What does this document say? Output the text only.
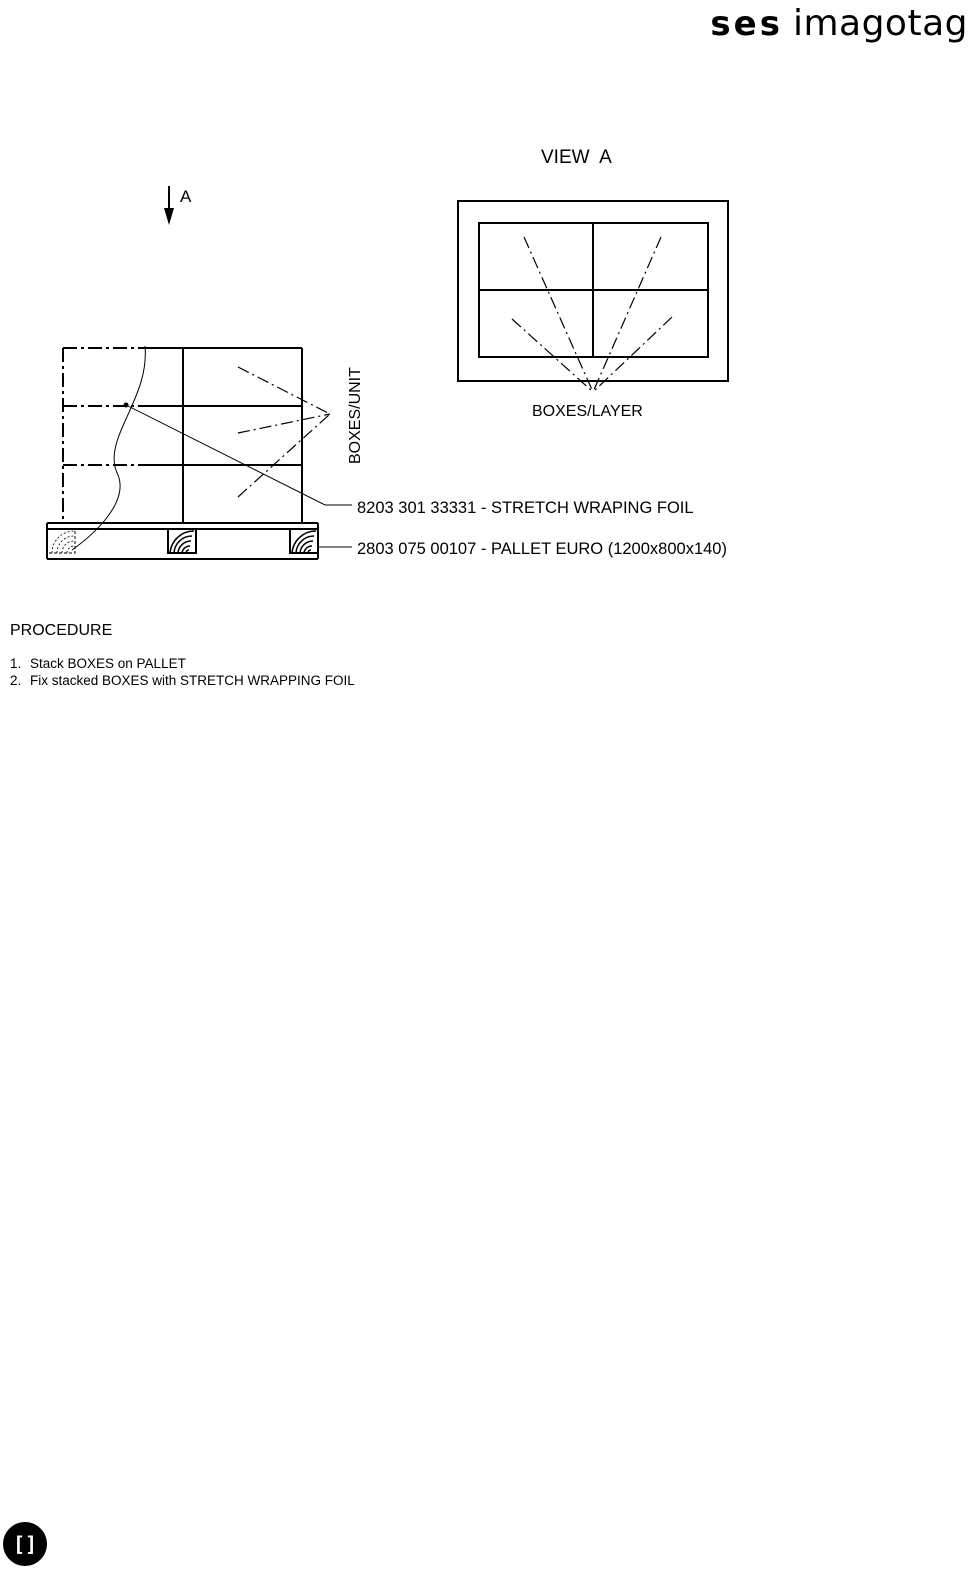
ses imagotag
A
BOXES/UNIT
8203 301 33331 - STRETCH WRAPING FOIL
2803 075 00107 - PALLET EURO (1200x800x140)
VIEW  A
BOXES/LAYER
PROCEDURE
1. Stack BOXES on PALLET
2. Fix stacked BOXES with STRETCH WRAPPING FOIL
[]
